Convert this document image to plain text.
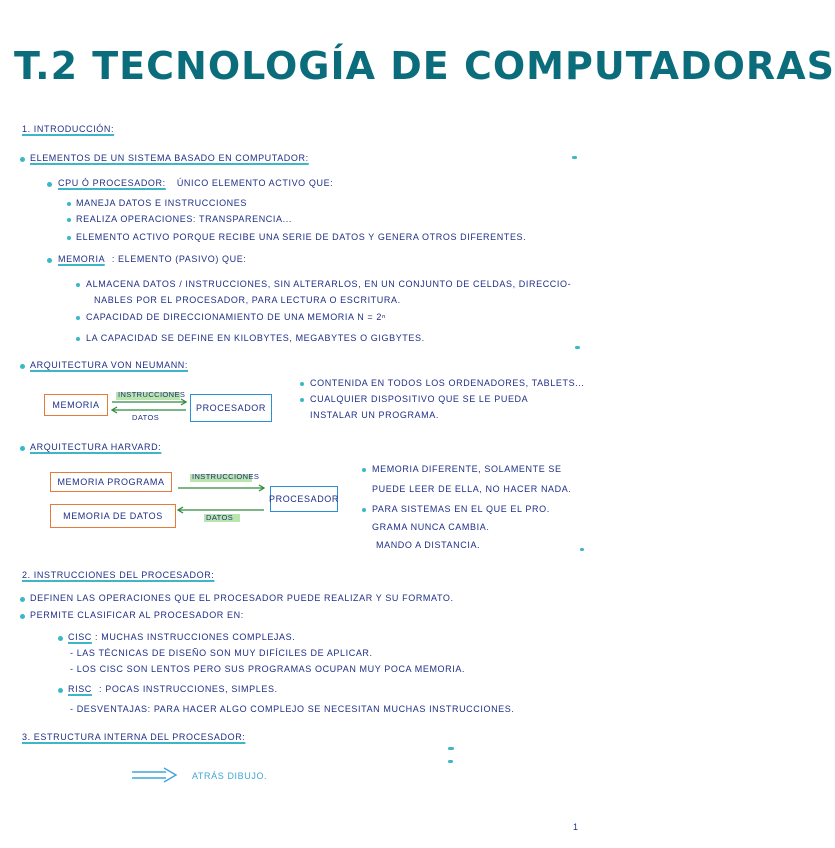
T.2 TECNOLOGÍA DE COMPUTADORAS
1. INTRODUCCIÓN:
ELEMENTOS DE UN SISTEMA BASADO EN COMPUTADOR:
CPU Ó PROCESADOR: ÚNICO ELEMENTO ACTIVO QUE:
MANEJA DATOS E INSTRUCCIONES
REALIZA OPERACIONES: TRANSPARENCIA...
ELEMENTO ACTIVO PORQUE RECIBE UNA SERIE DE DATOS Y GENERA OTROS DIFERENTES.
MEMORIA : ELEMENTO (PASIVO) QUE:
ALMACENA DATOS / INSTRUCCIONES, SIN ALTERARLOS, EN UN CONJUNTO DE CELDAS, DIRECCIO-
NABLES POR EL PROCESADOR, PARA LECTURA O ESCRITURA.
CAPACIDAD DE DIRECCIONAMIENTO DE UNA MEMORIA N = 2ⁿ
LA CAPACIDAD SE DEFINE EN KILOBYTES, MEGABYTES O GIGBYTES.
ARQUITECTURA VON NEUMANN:
MEMORIA	PROCESADOR
INSTRUCCIONES
DATOS
CONTENIDA EN TODOS LOS ORDENADORES, TABLETS...
CUALQUIER DISPOSITIVO QUE SE LE PUEDA
INSTALAR UN PROGRAMA.
ARQUITECTURA HARVARD:
MEMORIA PROGRAMA
MEMORIA DE DATOS
PROCESADOR
INSTRUCCIONES
DATOS
MEMORIA DIFERENTE, SOLAMENTE SE
PUEDE LEER DE ELLA, NO HACER NADA.
PARA SISTEMAS EN EL QUE EL PRO.
GRAMA NUNCA CAMBIA.
MANDO A DISTANCIA.
2. INSTRUCCIONES DEL PROCESADOR:
DEFINEN LAS OPERACIONES QUE EL PROCESADOR PUEDE REALIZAR Y SU FORMATO.
PERMITE CLASIFICAR AL PROCESADOR EN:
CISC : MUCHAS INSTRUCCIONES COMPLEJAS.
- LAS TÉCNICAS DE DISEÑO SON MUY DIFÍCILES DE APLICAR.
- LOS CISC SON LENTOS PERO SUS PROGRAMAS OCUPAN MUY POCA MEMORIA.
RISC : POCAS INSTRUCCIONES, SIMPLES.
- DESVENTAJAS: PARA HACER ALGO COMPLEJO SE NECESITAN MUCHAS INSTRUCCIONES.
3. ESTRUCTURA INTERNA DEL PROCESADOR:
ATRÁS DIBUJO.
1
